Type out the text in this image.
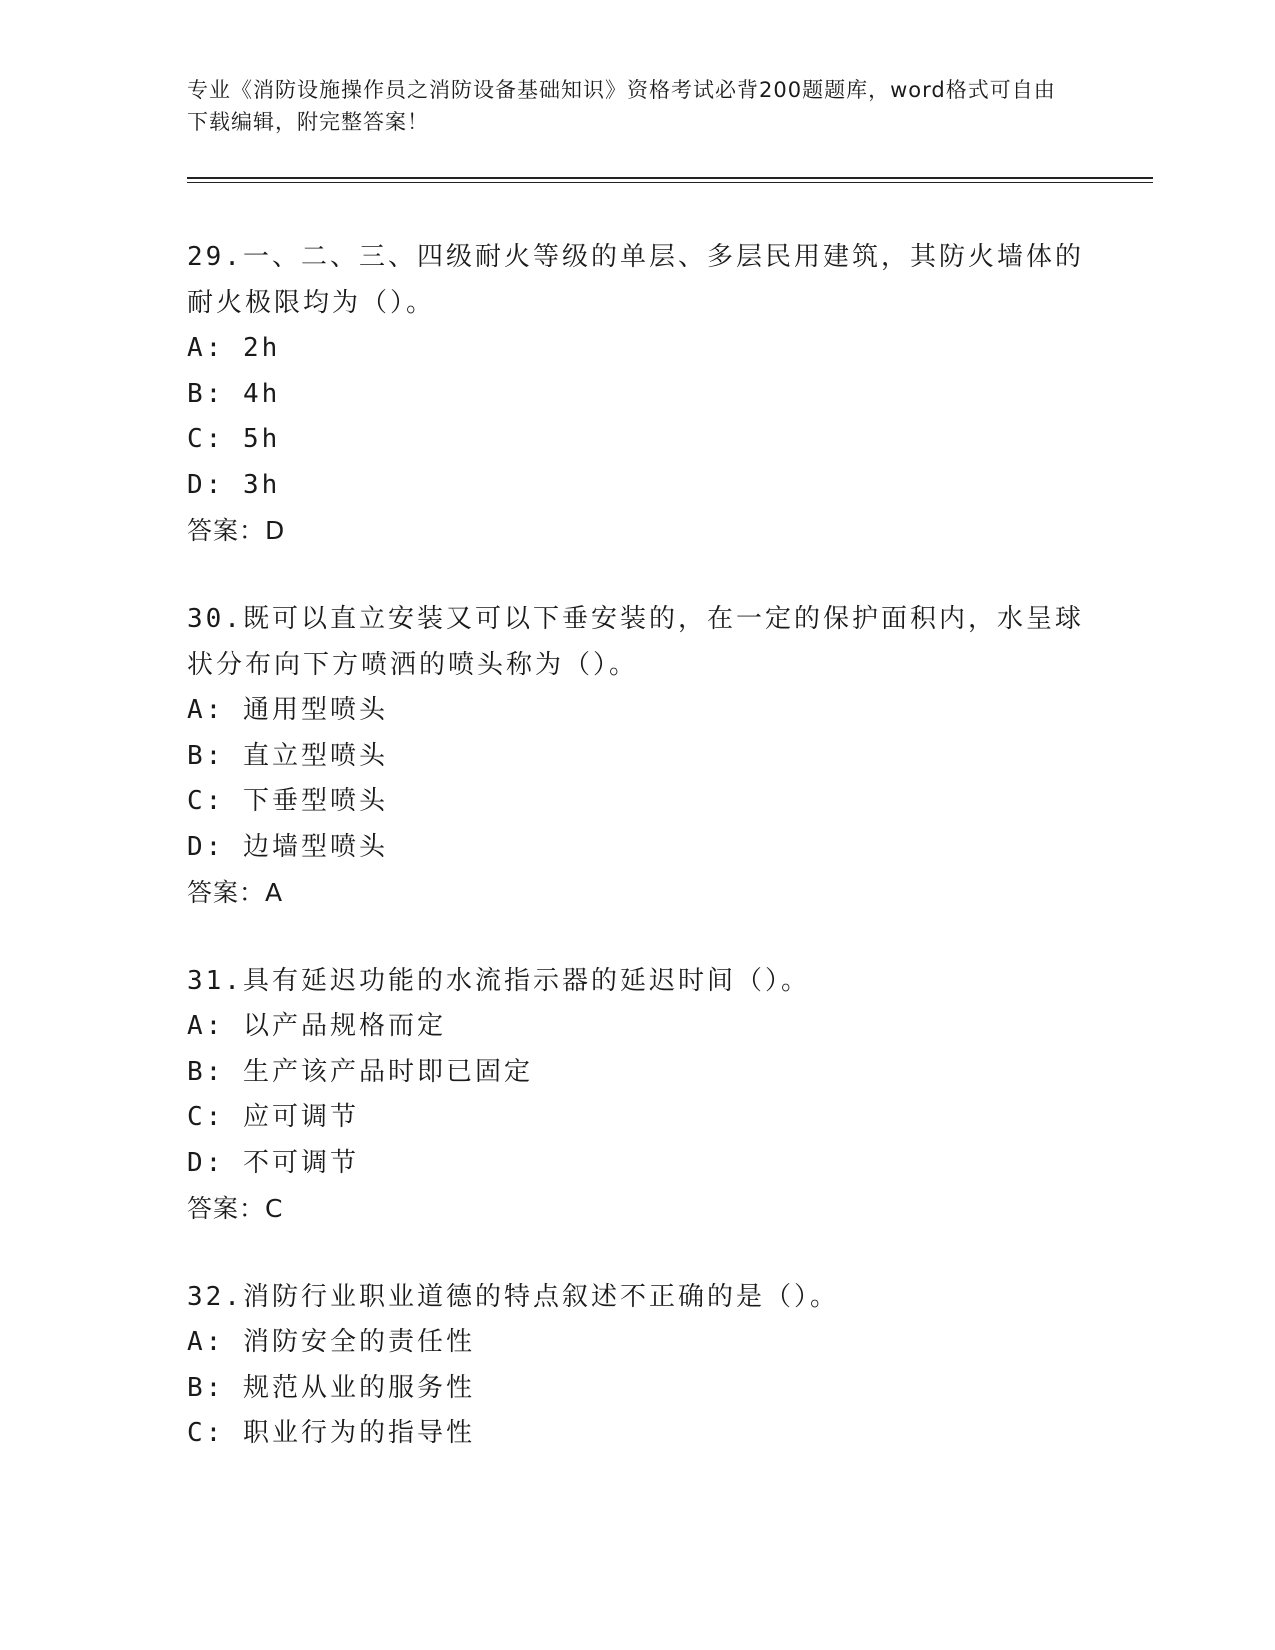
专业《消防设施操作员之消防设备基础知识》资格考试必背200题题库，word格式可自由下载编辑，附完整答案！

29.一、二、三、四级耐火等级的单层、多层民用建筑，其防火墙体的耐火极限均为（）。

A: 2h

B: 4h

C: 5h

D: 3h

答案：D

30.既可以直立安装又可以下垂安装的，在一定的保护面积内，水呈球状分布向下方喷洒的喷头称为（）。

A: 通用型喷头

B: 直立型喷头

C: 下垂型喷头

D: 边墙型喷头

答案：A

31.具有延迟功能的水流指示器的延迟时间（）。

A: 以产品规格而定

B: 生产该产品时即已固定

C: 应可调节

D: 不可调节

答案：C

32.消防行业职业道德的特点叙述不正确的是（）。

A: 消防安全的责任性

B: 规范从业的服务性

C: 职业行为的指导性
